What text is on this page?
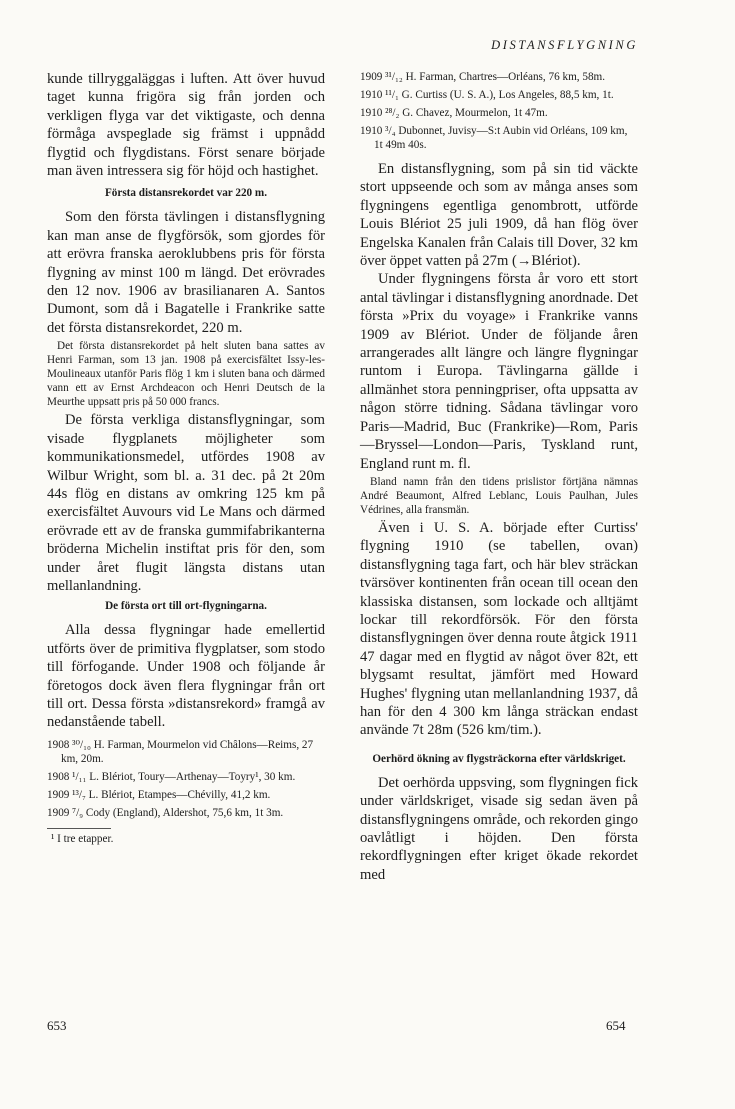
DISTANSFLYGNING

kunde tillryggaläggas i luften. Att över huvud taget kunna frigöra sig från jorden och verkligen flyga var det viktigaste, och denna förmåga avspeglade sig främst i uppnådd flygtid och flygdistans. Först senare började man även intressera sig för höjd och hastighet.

Första distansrekordet var 220 m.

Som den första tävlingen i distansflygning kan man anse de flygförsök, som gjordes för att erövra franska aeroklubbens pris för första flygning av minst 100 m längd. Det erövrades den 12 nov. 1906 av brasilianaren A. Santos Dumont, som då i Bagatelle i Frankrike satte det första distansrekordet, 220 m.

Det första distansrekordet på helt sluten bana sattes av Henri Farman, som 13 jan. 1908 på exercisfältet Issy-les-Moulineaux utanför Paris flög 1 km i sluten bana och därmed vann ett av Ernst Archdeacon och Henri Deutsch de la Meurthe uppsatt pris på 50 000 francs.

De första verkliga distansflygningar, som visade flygplanets möjligheter som kommunikationsmedel, utfördes 1908 av Wilbur Wright, som bl. a. 31 dec. på 2t 20m 44s flög en distans av omkring 125 km på exercisfältet Auvours vid Le Mans och därmed erövrade ett av de franska gummifabrikanterna bröderna Michelin instiftat pris för den, som under året flugit längsta distans utan mellanlandning.

De första ort till ort-flygningarna.

Alla dessa flygningar hade emellertid utförts över de primitiva flygplatser, som stodo till förfogande. Under 1908 och följande år företogos dock även flera flygningar från ort till ort. Dessa första »distansrekord» framgå av nedanstående tabell.

1908 ³⁰/₁₀ H. Farman, Mourmelon vid Châlons—Reims, 27 km, 20m.
1908 ¹/₁₁ L. Blériot, Toury—Arthenay—Toyry¹, 30 km.
1909 ¹³/₇ L. Blériot, Etampes—Chévilly, 41,2 km.
1909 ⁷/₉ Cody (England), Aldershot, 75,6 km, 1t 3m.
¹ I tre etapper.
1909 ³¹/₁₂ H. Farman, Chartres—Orléans, 76 km, 58m.
1910 ¹¹/₁ G. Curtiss (U. S. A.), Los Angeles, 88,5 km, 1t.
1910 ²⁸/₂ G. Chavez, Mourmelon, 1t 47m.
1910 ³/₄ Dubonnet, Juvisy—S:t Aubin vid Orléans, 109 km, 1t 49m 40s.

En distansflygning, som på sin tid väckte stort uppseende och som av många anses som flygningens egentliga genombrott, utförde Louis Blériot 25 juli 1909, då han flög över Engelska Kanalen från Calais till Dover, 32 km över öppet vatten på 27m (→Blériot).

Under flygningens första år voro ett stort antal tävlingar i distansflygning anordnade. Det första »Prix du voyage» i Frankrike vanns 1909 av Blériot. Under de följande åren arrangerades allt längre och längre flygningar runtom i Europa. Tävlingarna gällde i allmänhet stora penningpriser, ofta uppsatta av någon större tidning. Sådana tävlingar voro Paris—Madrid, Buc (Frankrike)—Rom, Paris—Bryssel—London—Paris, Tyskland runt, England runt m. fl.

Bland namn från den tidens prislistor förtjäna nämnas André Beaumont, Alfred Leblanc, Louis Paulhan, Jules Védrines, alla fransmän.

Även i U. S. A. började efter Curtiss' flygning 1910 (se tabellen, ovan) distansflygning taga fart, och här blev sträckan tvärsöver kontinenten från ocean till ocean den klassiska distansen, som lockade och alltjämt lockar till rekordförsök. För den första distansflygningen över denna route åtgick 1911 47 dagar med en flygtid av något över 82t, ett blygsamt resultat, jämfört med Howard Hughes' flygning utan mellanlandning 1937, då han för den 4 300 km långa sträckan endast använde 7t 28m (526 km/tim.).

Oerhörd ökning av flygsträckorna efter världskriget.

Det oerhörda uppsving, som flygningen fick under världskriget, visade sig sedan även på distansflygningens område, och rekorden gingo oavlåtligt i höjden. Den första rekordflygningen efter kriget ökade rekordet med

653	654
